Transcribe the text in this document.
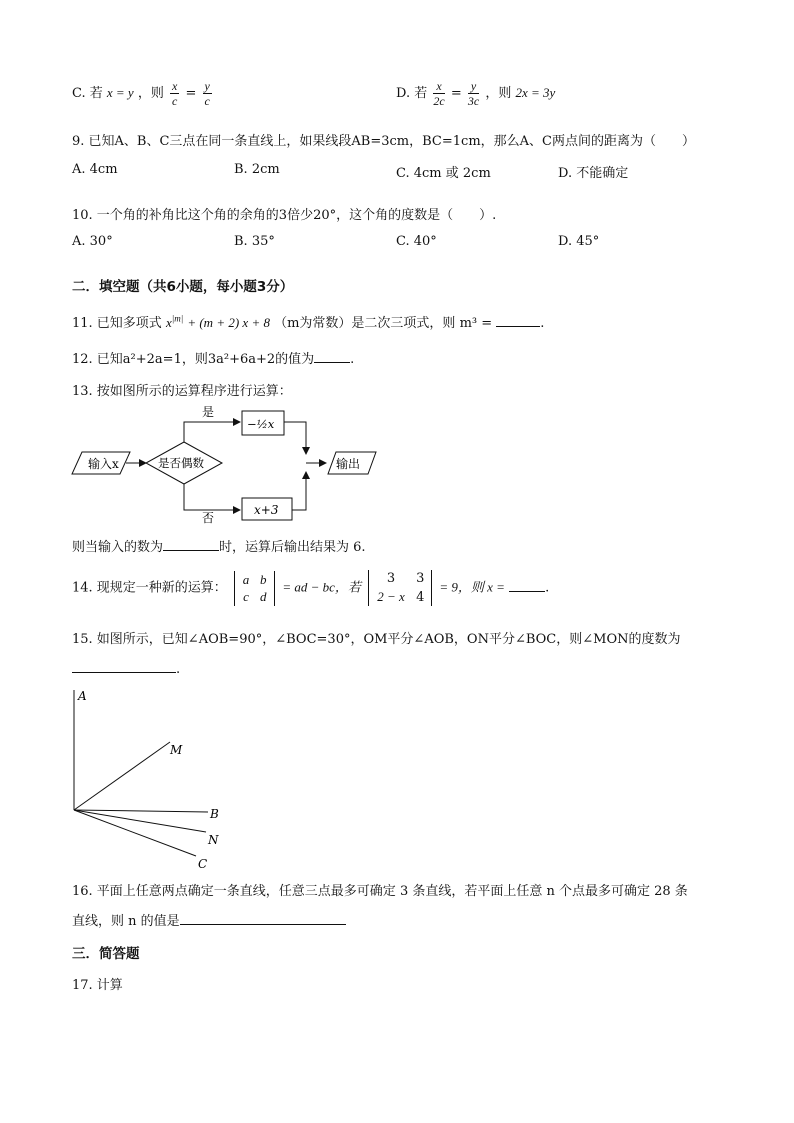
C. 若 x = y ，则 $\frac{x}{c} = \frac{y}{c}$	D. 若 $\frac{x}{2c} = \frac{y}{3c}$ ，则 2x = 3y
9. 已知A、B、C三点在同一条直线上，如果线段AB=3cm，BC=1cm，那么A、C两点间的距离为（　　）
A. 4cm	B. 2cm	C. 4cm 或 2cm	D. 不能确定
10. 一个角的补角比这个角的余角的3倍少20°，这个角的度数是（　　）.
A. 30°	B. 35°	C. 40°	D. 45°
二．填空题（共6小题，每小题3分）
11. 已知多项式 $x^{|m|} + (m + 2) x + 8$ （m为常数）是二次三项式，则 m³ =	.
12. 已知a²+2a=1，则3a²+6a+2的值为	.
13. 按如图所示的运算程序进行运算：
输入x	是否偶数
是
−½x
否
x+3
输出
则当输入的数为	时，运算后输出结果为 6.
14. 现规定一种新的运算： a b
c d = ad − bc，若 3 3
2 − x 4 = 9，则 x =	.
15. 如图所示，已知∠AOB=90°，∠BOC=30°，OM平分∠AOB，ON平分∠BOC，则∠MON的度数为
.
A
M
B
N
C
16. 平面上任意两点确定一条直线，任意三点最多可确定 3 条直线，若平面上任意 n 个点最多可确定 28 条
直线，则 n 的值是
三．简答题
17. 计算
